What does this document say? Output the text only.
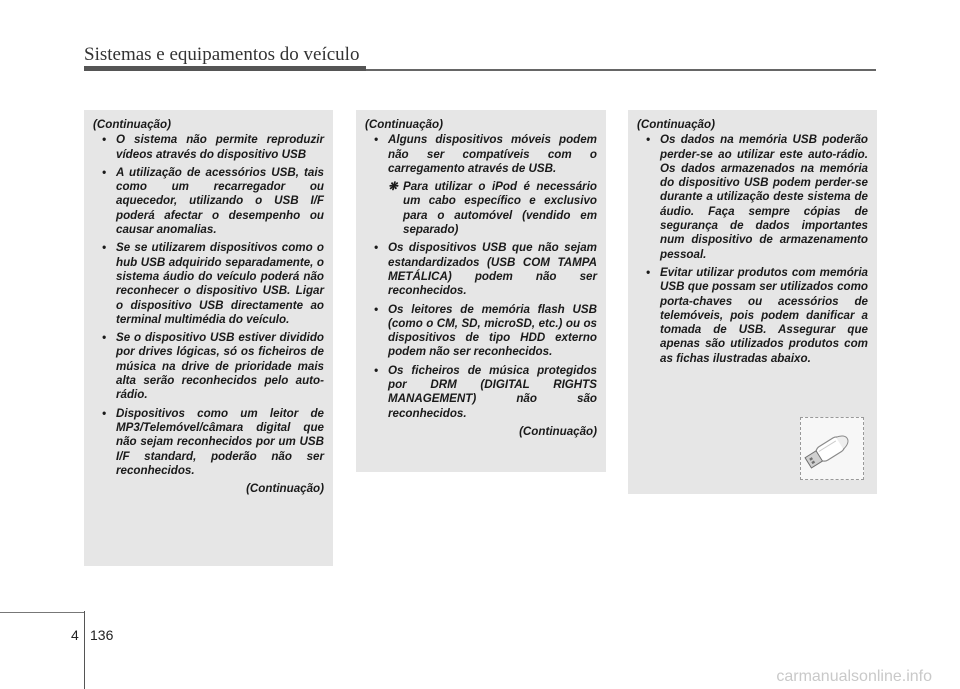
Sistemas e equipamentos do veículo
(Continuação)
• O sistema não permite reproduzir vídeos através do dispositivo USB
• A utilização de acessórios USB, tais como um recarregador ou aquecedor, utilizando o USB I/F poderá afectar o desempenho ou causar anomalias.
• Se se utilizarem dispositivos como o hub USB adquirido separadamente, o sistema áudio do veículo poderá não reconhecer o dispositivo USB. Ligar o dispositivo USB directamente ao terminal multimédia do veículo.
• Se o dispositivo USB estiver dividido por drives lógicas, só os ficheiros de música na drive de prioridade mais alta serão reconhecidos pelo auto-rádio.
• Dispositivos como um leitor de MP3/Telemóvel/câmara digital que não sejam reconhecidos por um USB I/F standard, poderão não ser reconhecidos.
(Continuação)
(Continuação)
• Alguns dispositivos móveis podem não ser compatíveis com o carregamento através de USB.
❋ Para utilizar o iPod é necessário um cabo específico e exclusivo para o automóvel (vendido em separado)
• Os dispositivos USB que não sejam estandardizados (USB COM TAMPA METÁLICA) podem não ser reconhecidos.
• Os leitores de memória flash USB (como o CM, SD, microSD, etc.) ou os dispositivos de tipo HDD externo podem não ser reconhecidos.
• Os ficheiros de música protegidos por DRM (DIGITAL RIGHTS MANAGEMENT) não são reconhecidos.
(Continuação)
(Continuação)
• Os dados na memória USB poderão perder-se ao utilizar este auto-rádio. Os dados armazenados na memória do dispositivo USB podem perder-se durante a utilização deste sistema de áudio. Faça sempre cópias de segurança de dados importantes num dispositivo de armazenamento pessoal.
• Evitar utilizar produtos com memória USB que possam ser utilizados como porta-chaves ou acessórios de telemóveis, pois podem danificar a tomada de USB. Assegurar que apenas são utilizados produtos com as fichas ilustradas abaixo.
4 136
carmanualsonline.info
